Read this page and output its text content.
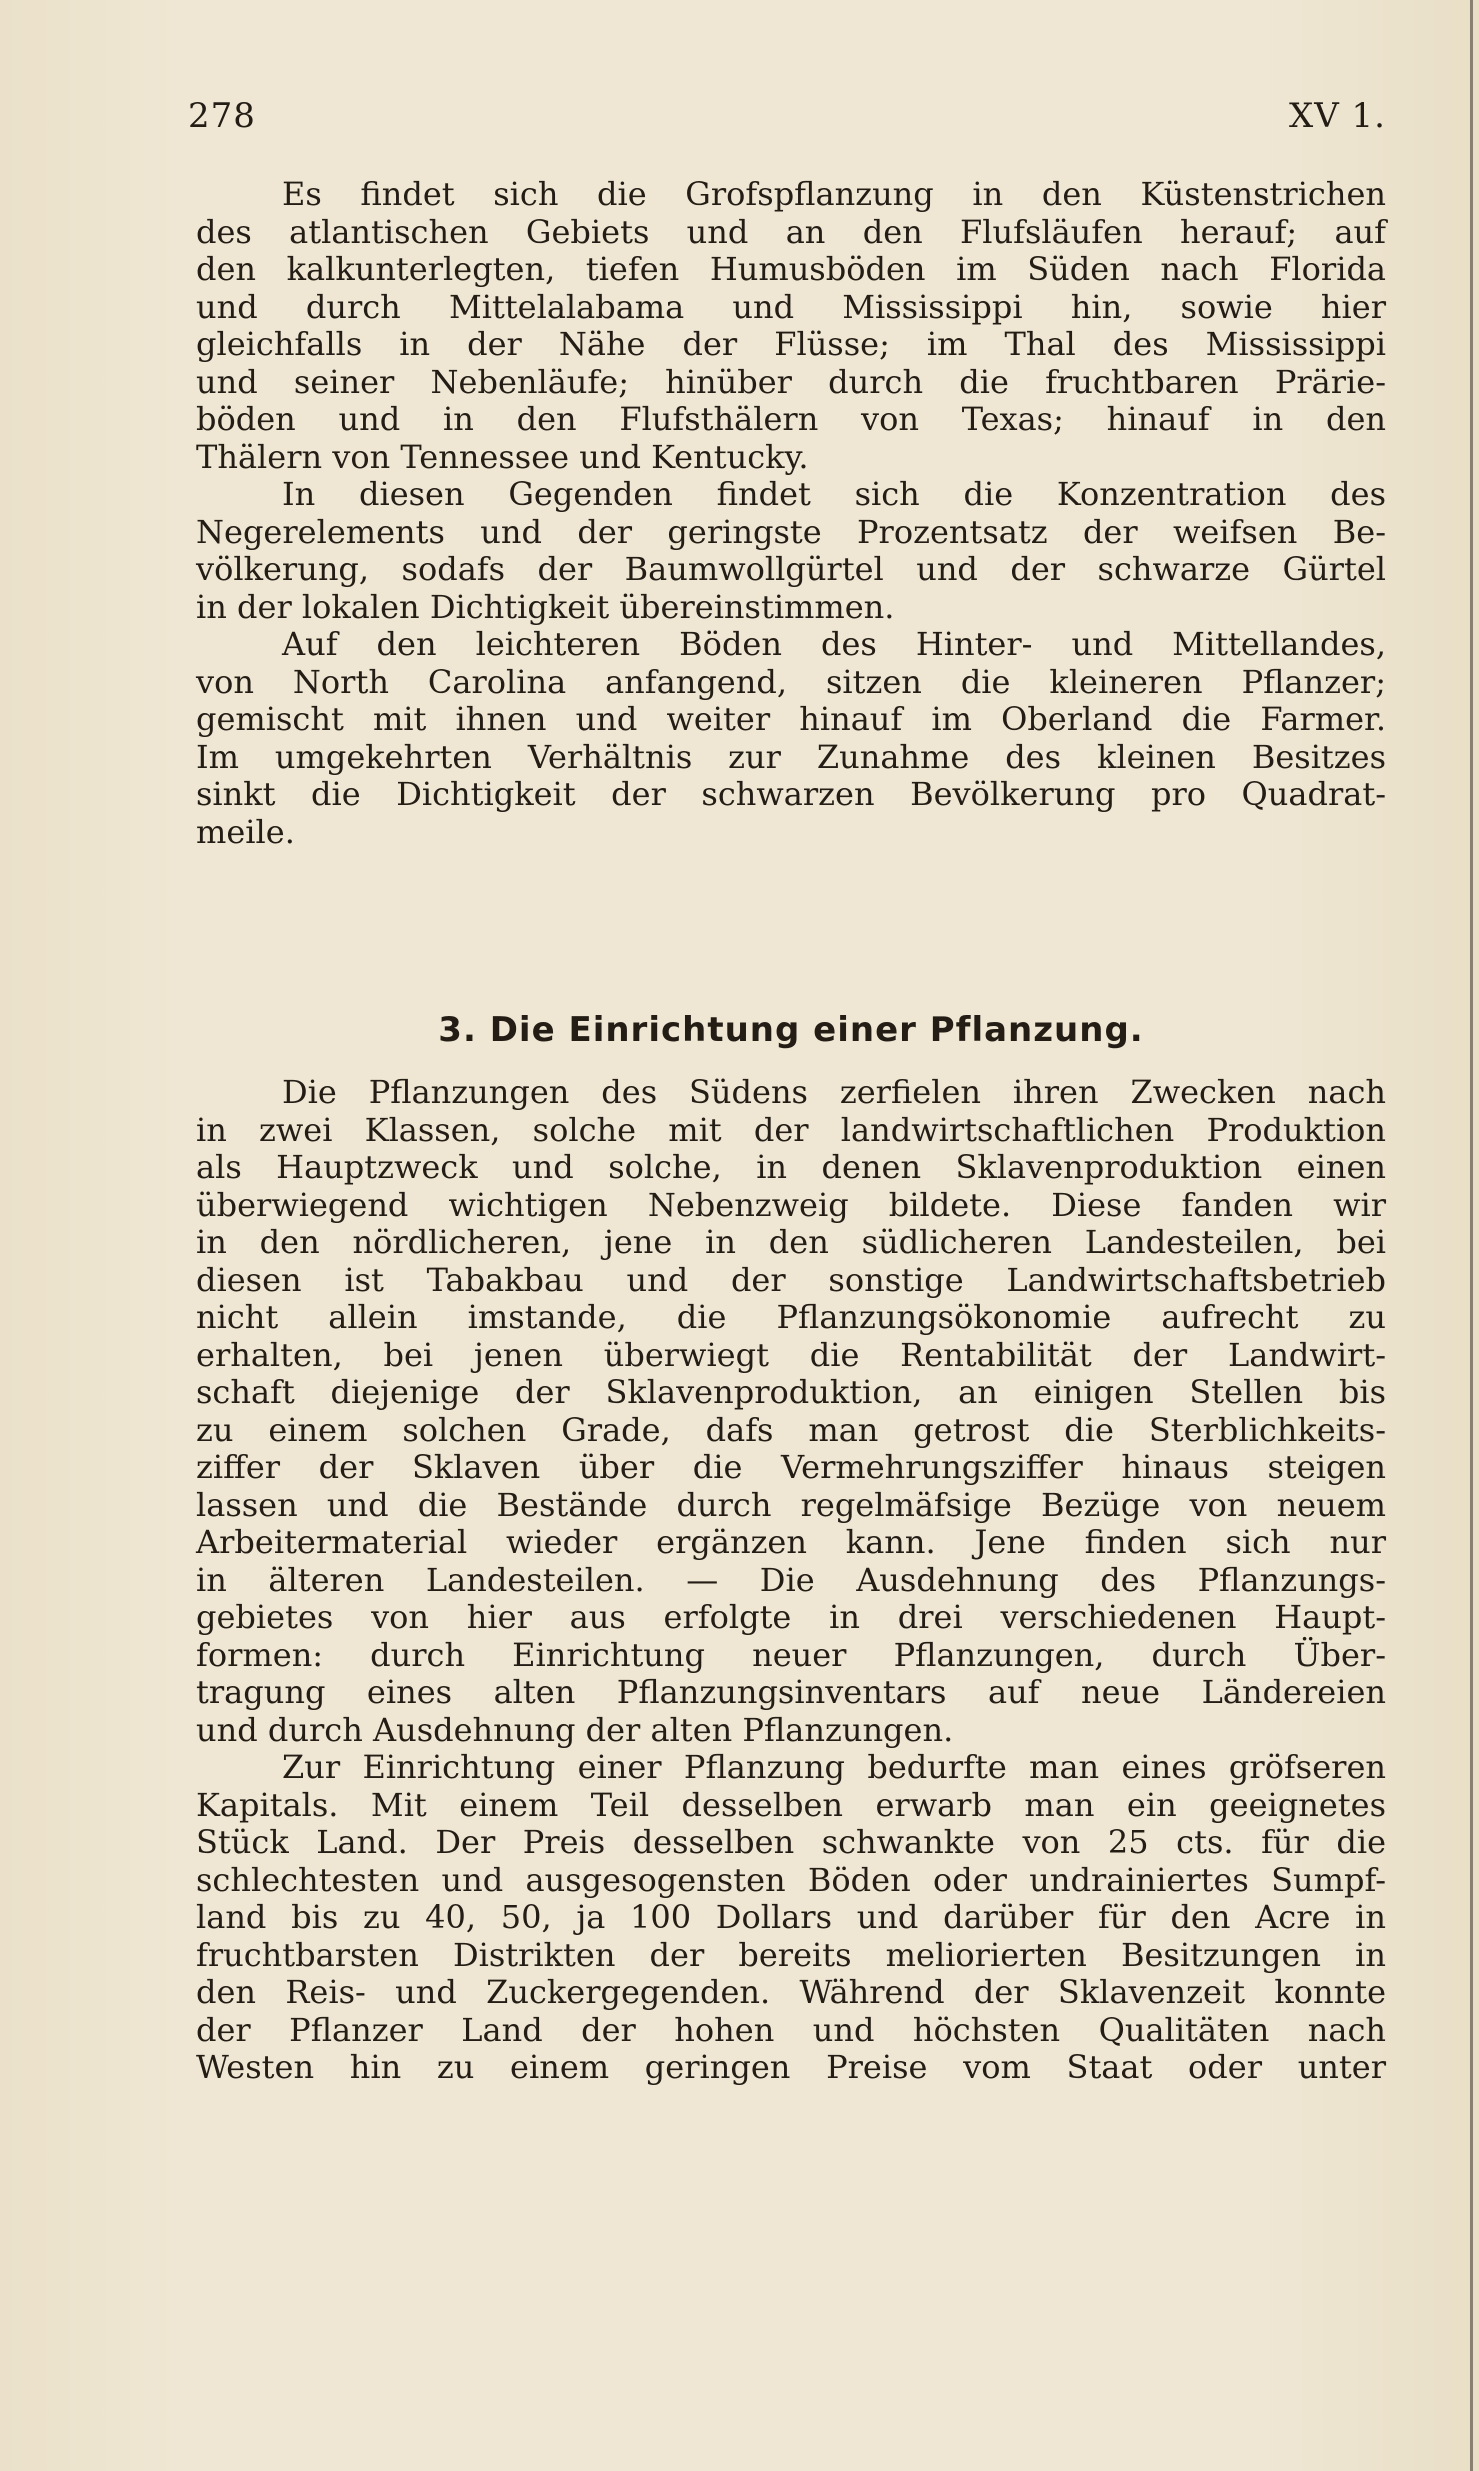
278	XV 1.
Es findet sich die Grofspflanzung in den Küstenstrichen
des atlantischen Gebiets und an den Flufsläufen herauf; auf
den kalkunterlegten, tiefen Humusböden im Süden nach Florida
und durch Mittelalabama und Mississippi hin, sowie hier
gleichfalls in der Nähe der Flüsse; im Thal des Mississippi
und seiner Nebenläufe; hinüber durch die fruchtbaren Prärie-
böden und in den Flufsthälern von Texas; hinauf in den
Thälern von Tennessee und Kentucky.
In diesen Gegenden findet sich die Konzentration des
Negerelements und der geringste Prozentsatz der weifsen Be-
völkerung, sodafs der Baumwollgürtel und der schwarze Gürtel
in der lokalen Dichtigkeit übereinstimmen.
Auf den leichteren Böden des Hinter- und Mittellandes,
von North Carolina anfangend, sitzen die kleineren Pflanzer;
gemischt mit ihnen und weiter hinauf im Oberland die Farmer.
Im umgekehrten Verhältnis zur Zunahme des kleinen Besitzes
sinkt die Dichtigkeit der schwarzen Bevölkerung pro Quadrat-
meile.
3. Die Einrichtung einer Pflanzung.
Die Pflanzungen des Südens zerfielen ihren Zwecken nach
in zwei Klassen, solche mit der landwirtschaftlichen Produktion
als Hauptzweck und solche, in denen Sklavenproduktion einen
überwiegend wichtigen Nebenzweig bildete. Diese fanden wir
in den nördlicheren, jene in den südlicheren Landesteilen, bei
diesen ist Tabakbau und der sonstige Landwirtschaftsbetrieb
nicht allein imstande, die Pflanzungsökonomie aufrecht zu
erhalten, bei jenen überwiegt die Rentabilität der Landwirt-
schaft diejenige der Sklavenproduktion, an einigen Stellen bis
zu einem solchen Grade, dafs man getrost die Sterblichkeits-
ziffer der Sklaven über die Vermehrungsziffer hinaus steigen
lassen und die Bestände durch regelmäfsige Bezüge von neuem
Arbeitermaterial wieder ergänzen kann. Jene finden sich nur
in älteren Landesteilen. — Die Ausdehnung des Pflanzungs-
gebietes von hier aus erfolgte in drei verschiedenen Haupt-
formen: durch Einrichtung neuer Pflanzungen, durch Über-
tragung eines alten Pflanzungsinventars auf neue Ländereien
und durch Ausdehnung der alten Pflanzungen.
Zur Einrichtung einer Pflanzung bedurfte man eines gröfseren
Kapitals. Mit einem Teil desselben erwarb man ein geeignetes
Stück Land. Der Preis desselben schwankte von 25 cts. für die
schlechtesten und ausgesogensten Böden oder undrainiertes Sumpf-
land bis zu 40, 50, ja 100 Dollars und darüber für den Acre in
fruchtbarsten Distrikten der bereits meliorierten Besitzungen in
den Reis- und Zuckergegenden. Während der Sklavenzeit konnte
der Pflanzer Land der hohen und höchsten Qualitäten nach
Westen hin zu einem geringen Preise vom Staat oder unter
